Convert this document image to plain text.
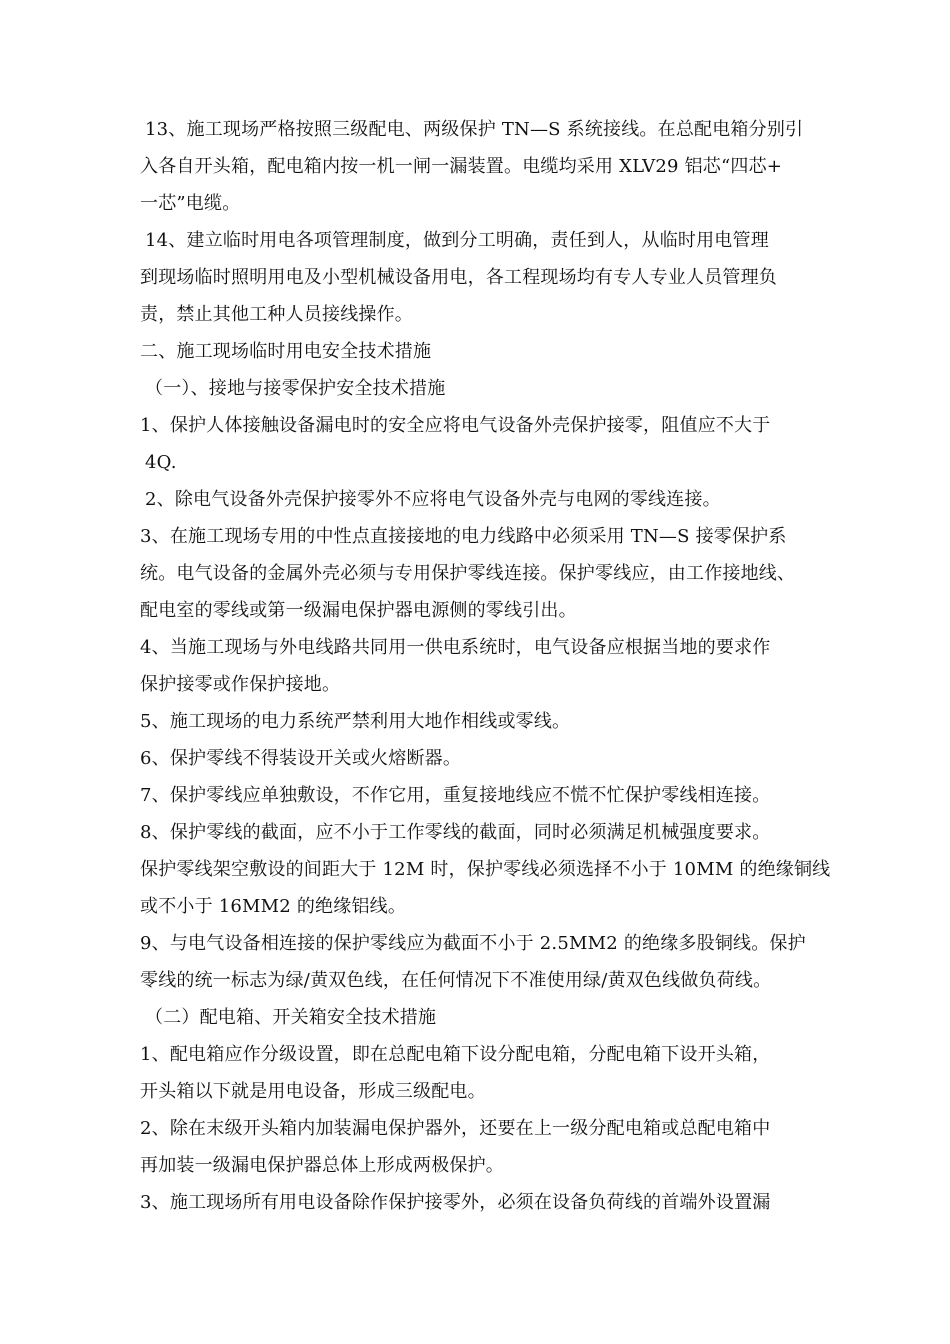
13、施工现场严格按照三级配电、两级保护 TN—S 系统接线。在总配电箱分别引
入各自开头箱，配电箱内按一机一闸一漏装置。电缆均采用 XLV29 铝芯“四芯+
一芯”电缆。
14、建立临时用电各项管理制度，做到分工明确，责任到人，从临时用电管理
到现场临时照明用电及小型机械设备用电，各工程现场均有专人专业人员管理负
责，禁止其他工种人员接线操作。
二、施工现场临时用电安全技术措施
（一）、接地与接零保护安全技术措施
1、保护人体接触设备漏电时的安全应将电气设备外壳保护接零，阻值应不大于
4Q.
2、除电气设备外壳保护接零外不应将电气设备外壳与电网的零线连接。
3、在施工现场专用的中性点直接接地的电力线路中必须采用 TN—S 接零保护系
统。电气设备的金属外壳必须与专用保护零线连接。保护零线应，由工作接地线、
配电室的零线或第一级漏电保护器电源侧的零线引出。
4、当施工现场与外电线路共同用一供电系统时，电气设备应根据当地的要求作
保护接零或作保护接地。
5、施工现场的电力系统严禁利用大地作相线或零线。
6、保护零线不得装设开关或火熔断器。
7、保护零线应单独敷设，不作它用，重复接地线应不慌不忙保护零线相连接。
8、保护零线的截面，应不小于工作零线的截面，同时必须满足机械强度要求。
保护零线架空敷设的间距大于 12M 时，保护零线必须选择不小于 10MM 的绝缘铜线
或不小于 16MM2 的绝缘铝线。
9、与电气设备相连接的保护零线应为截面不小于 2.5MM2 的绝缘多股铜线。保护
零线的统一标志为绿/黄双色线，在任何情况下不准使用绿/黄双色线做负荷线。
（二）配电箱、开关箱安全技术措施
1、配电箱应作分级设置，即在总配电箱下设分配电箱，分配电箱下设开头箱，
开头箱以下就是用电设备，形成三级配电。
2、除在末级开头箱内加装漏电保护器外，还要在上一级分配电箱或总配电箱中
再加装一级漏电保护器总体上形成两极保护。
3、施工现场所有用电设备除作保护接零外，必须在设备负荷线的首端外设置漏
